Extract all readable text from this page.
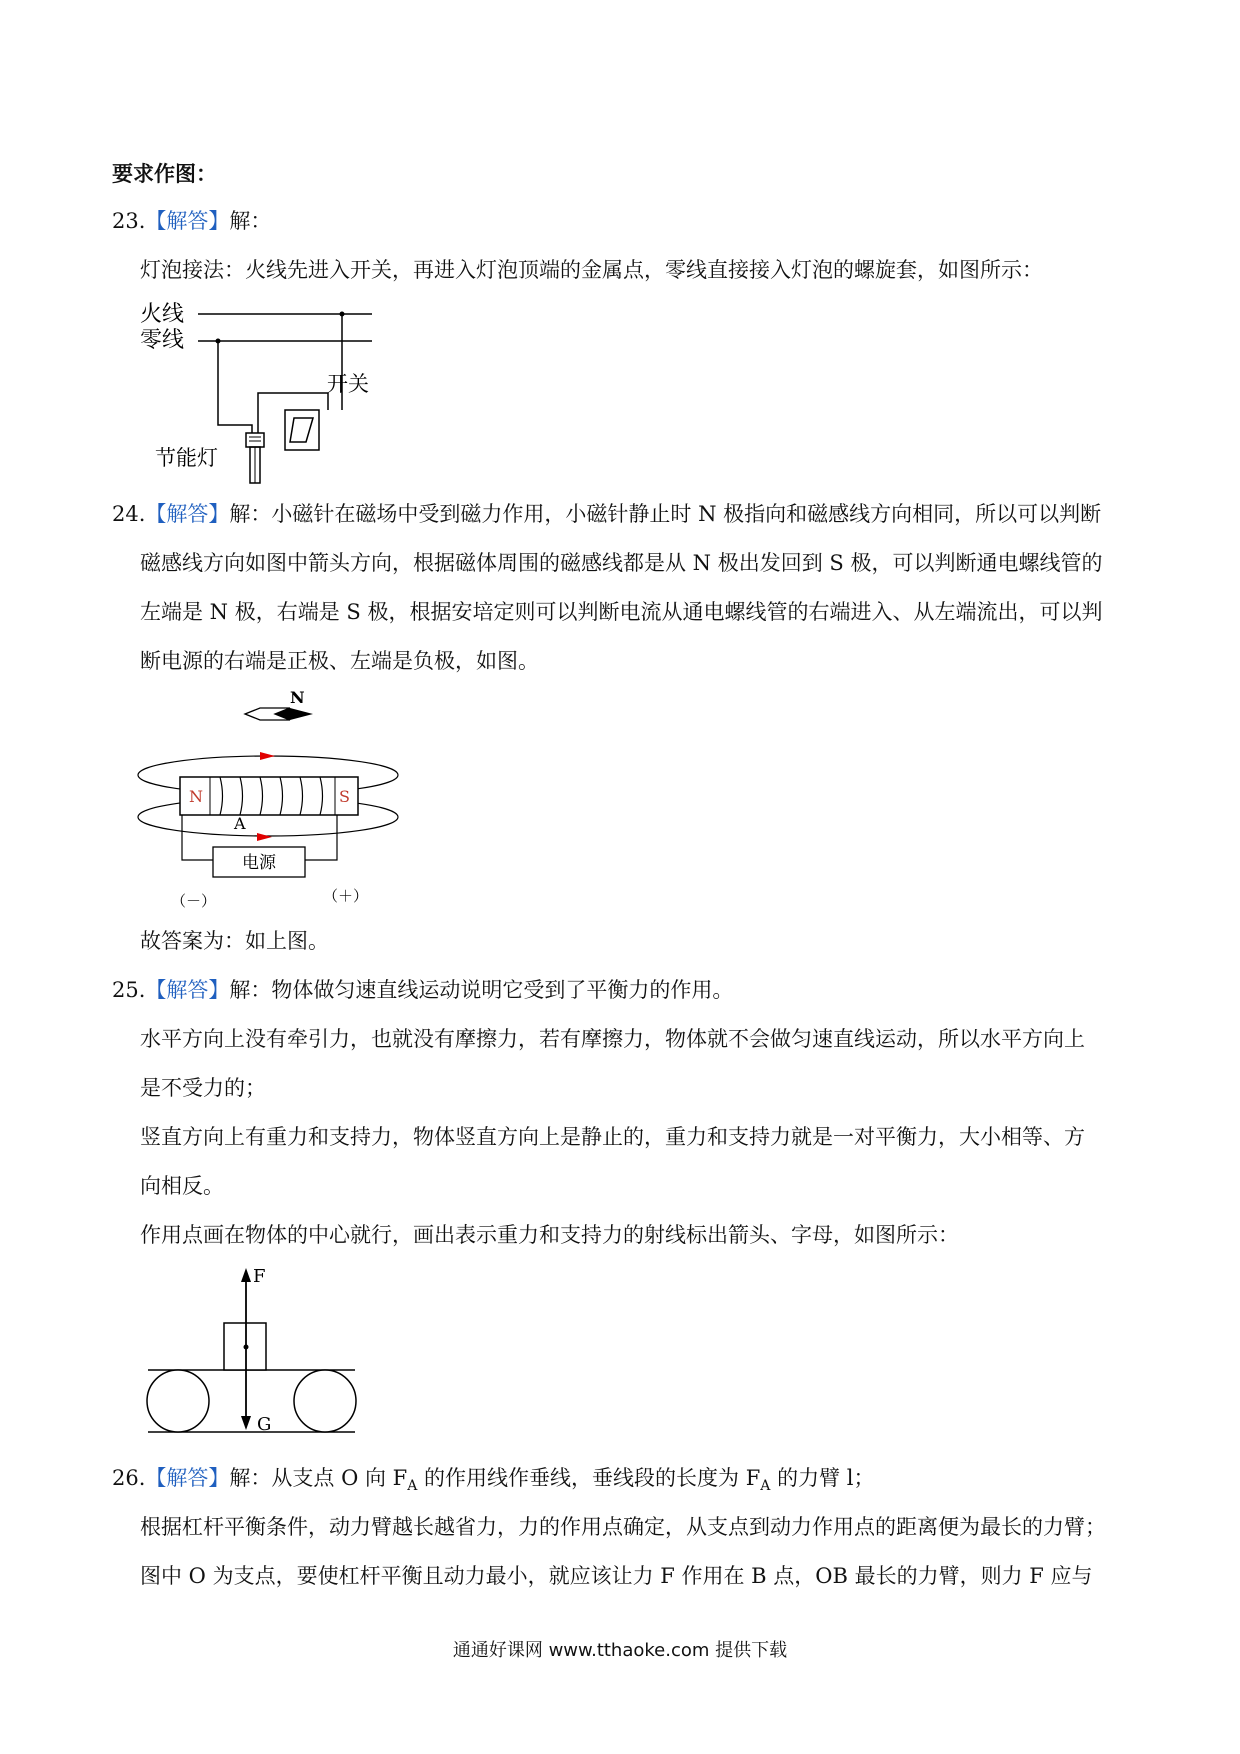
要求作图：
23.【解答】解：
灯泡接法：火线先进入开关，再进入灯泡顶端的金属点，零线直接接入灯泡的螺旋套，如图所示：
火线
零线
节能灯
开关
24.【解答】解：小磁针在磁场中受到磁力作用，小磁针静止时 N 极指向和磁感线方向相同，所以可以判断
磁感线方向如图中箭头方向，根据磁体周围的磁感线都是从 N 极出发回到 S 极，可以判断通电螺线管的
左端是 N 极，右端是 S 极，根据安培定则可以判断电流从通电螺线管的右端进入、从左端流出，可以判
断电源的右端是正极、左端是负极，如图。
N
N	S
A
电源
（－）	（＋）
故答案为：如上图。
25.【解答】解：物体做匀速直线运动说明它受到了平衡力的作用。
水平方向上没有牵引力，也就没有摩擦力，若有摩擦力，物体就不会做匀速直线运动，所以水平方向上
是不受力的；
竖直方向上有重力和支持力，物体竖直方向上是静止的，重力和支持力就是一对平衡力，大小相等、方
向相反。
作用点画在物体的中心就行，画出表示重力和支持力的射线标出箭头、字母，如图所示：
F
G
26.【解答】解：从支点 O 向 $F_A$ 的作用线作垂线，垂线段的长度为 $F_A$ 的力臂 l；
根据杠杆平衡条件，动力臂越长越省力，力的作用点确定，从支点到动力作用点的距离便为最长的力臂；
图中 O 为支点，要使杠杆平衡且动力最小，就应该让力 F 作用在 B 点，OB 最长的力臂，则力 F 应与
通通好课网 www.tthaoke.com 提供下载
